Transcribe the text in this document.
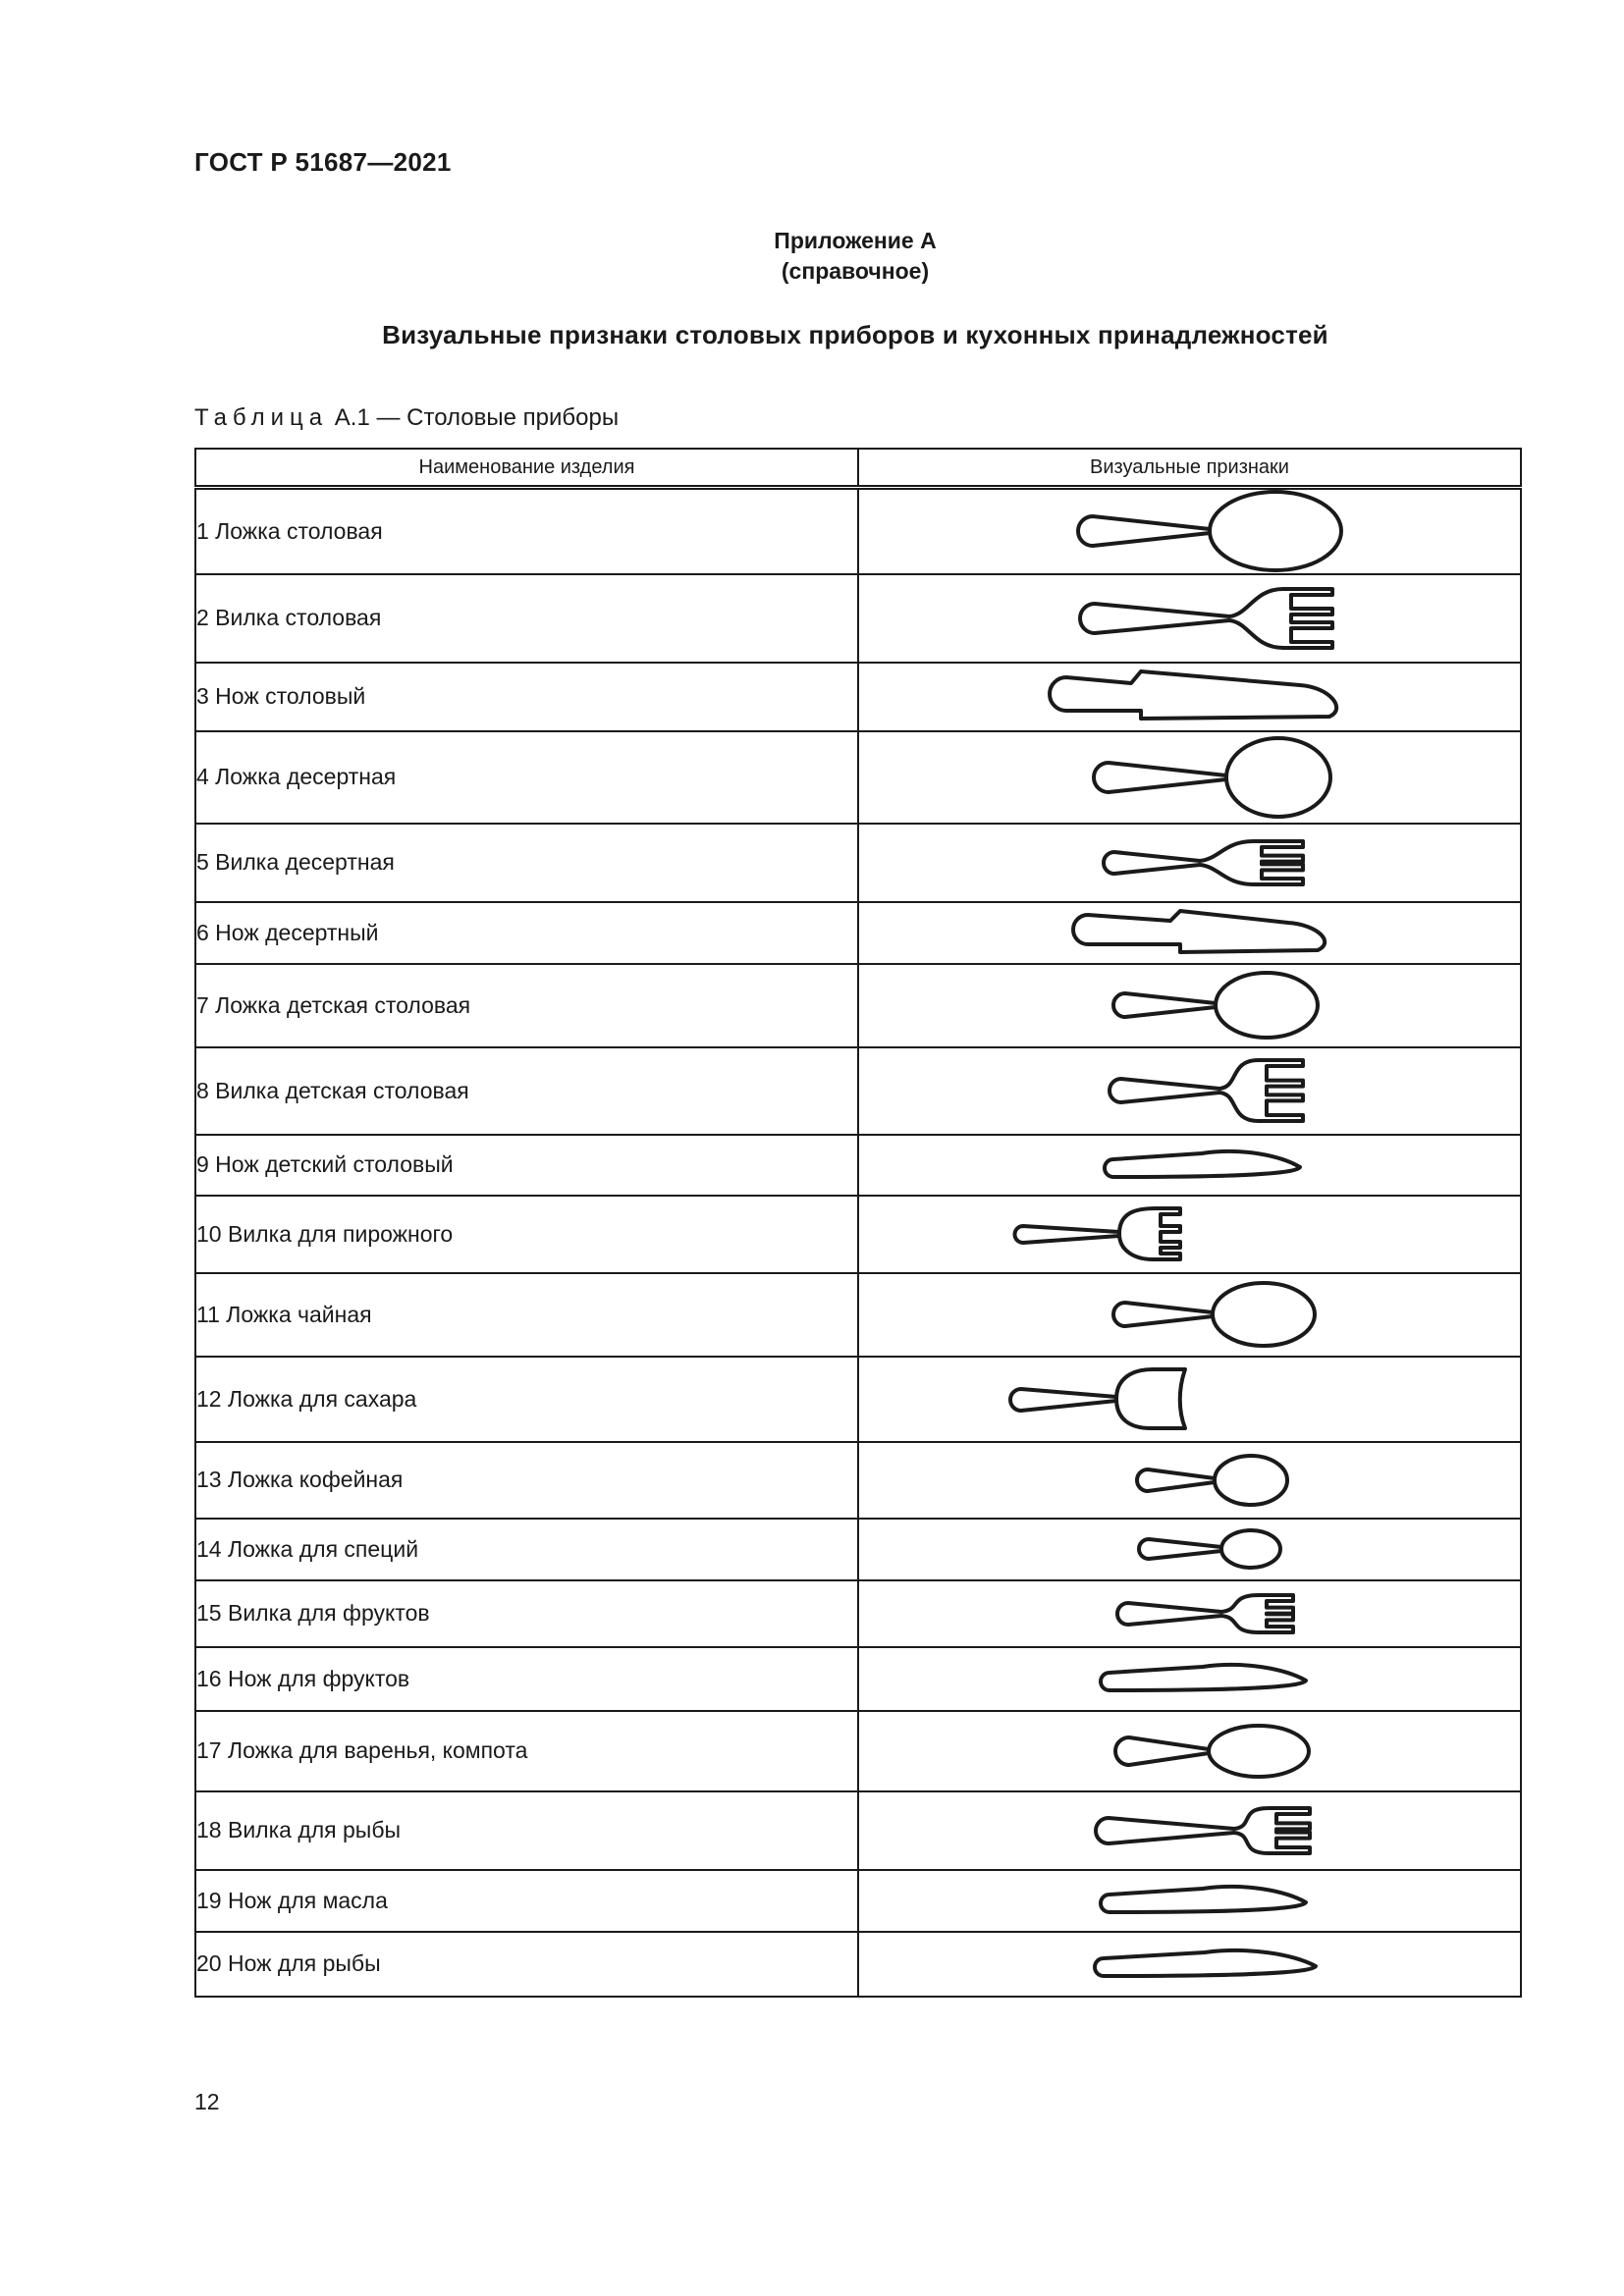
ГОСТ Р 51687—2021
Приложение А
(справочное)
Визуальные признаки столовых приборов и кухонных принадлежностей
Таблица А.1 — Столовые приборы
Наименование изделия	Визуальные признаки
1 Ложка столовая	

2 Вилка столовая	

3 Нож столовый	

4 Ложка десертная	

5 Вилка десертная	

6 Нож десертный	

7 Ложка детская столовая	

8 Вилка детская столовая	

9 Нож детский столовый	

10 Вилка для пирожного	

11 Ложка чайная	

12 Ложка для сахара	

13 Ложка кофейная	

14 Ложка для специй	

15 Вилка для фруктов	

16 Нож для фруктов	

17 Ложка для варенья, компота	

18 Вилка для рыбы	

19 Нож для масла	

20 Нож для рыбы	
12
